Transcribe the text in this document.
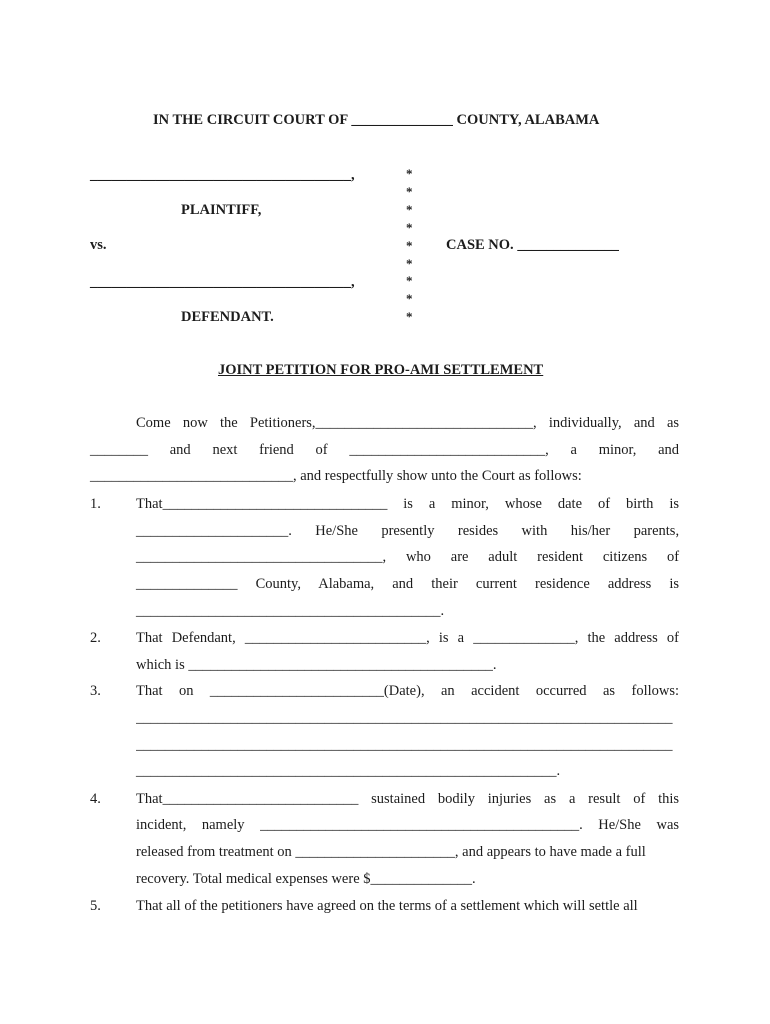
IN THE CIRCUIT COURT OF ______________ COUNTY, ALABAMA
____________________________________,
PLAINTIFF,
vs.
____________________________________,
DEFENDANT.
*
*
*
*
*
*
*
*
*
CASE NO. ______________
JOINT PETITION FOR PRO-AMI SETTLEMENT
Come now the Petitioners,______________________________, individually, and as
________ and next friend of ___________________________, a minor, and
____________________________, and respectfully show unto the Court as follows:
1. That_______________________________ is a minor, whose date of birth is
_____________________. He/She presently resides with his/her parents,
__________________________________, who are adult resident citizens of
______________ County, Alabama, and their current residence address is
__________________________________________.
2. That Defendant, _________________________, is a ______________, the address of
which is __________________________________________.
3. That on ________________________(Date), an accident occurred as follows:
__________________________________________________________________________
__________________________________________________________________________
__________________________________________________________.
4. That___________________________ sustained bodily injuries as a result of this
incident, namely ____________________________________________. He/She was
released from treatment on ______________________, and appears to have made a full
recovery. Total medical expenses were $______________.
5. That all of the petitioners have agreed on the terms of a settlement which will settle all
